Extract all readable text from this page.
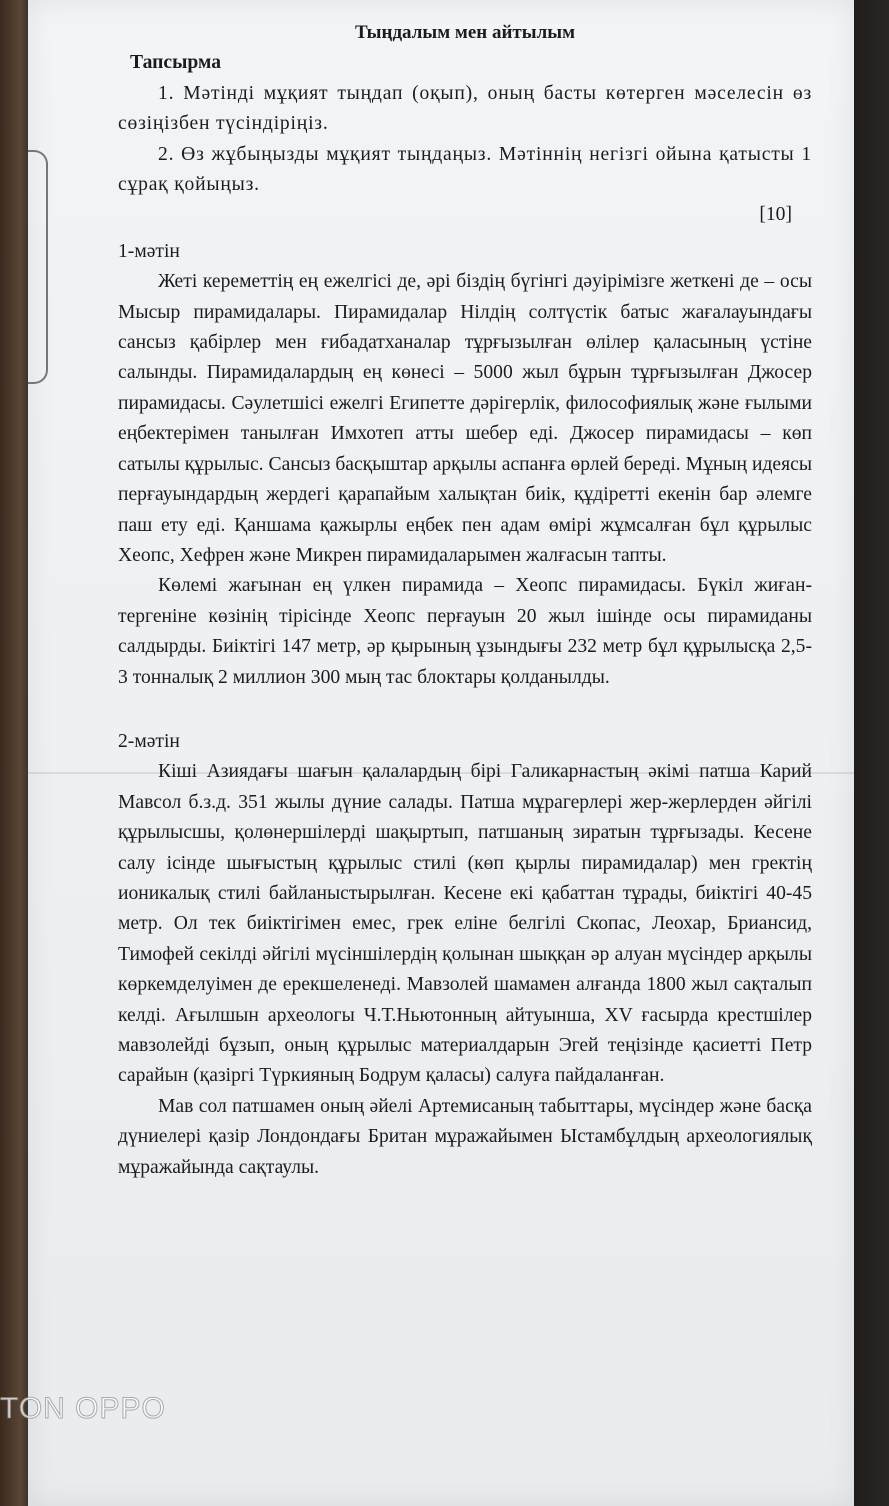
Тыңдалым мен айтылым
Тапсырма

1. Мәтінді мұқият тыңдап (оқып), оның басты көтерген мәселесін өз сөзіңізбен түсіндіріңіз.

2. Өз жұбыңызды мұқият тыңдаңыз. Мәтіннің негізгі ойына қатысты 1 сұрақ қойыңыз.

[10]
1-мәтін

Жеті кереметтің ең ежелгісі де, әрі біздің бүгінгі дәуірімізге жеткені де – осы Мысыр пирамидалары. Пирамидалар Нілдің солтүстік батыс жағалауындағы сансыз қабірлер мен ғибадатханалар тұрғызылған өлілер қаласының үстіне салынды. Пирамидалардың ең көнесі – 5000 жыл бұрын тұрғызылған Джосер пирамидасы. Сәулетшісі ежелгі Египетте дәрігерлік, философиялық және ғылыми еңбектерімен танылған Имхотеп атты шебер еді. Джосер пирамидасы – көп сатылы құрылыс. Сансыз басқыштар арқылы аспанға өрлей береді. Мұның идеясы перғауындардың жердегі қарапайым халықтан биік, құдіретті екенін бар әлемге паш ету еді. Қаншама қажырлы еңбек пен адам өмірі жұмсалған бұл құрылыс Хеопс, Хефрен және Микрен пирамидаларымен жалғасын тапты.

Көлемі жағынан ең үлкен пирамида – Хеопс пирамидасы. Бүкіл жиған-тергеніне көзінің тірісінде Хеопс перғауын 20 жыл ішінде осы пирамиданы салдырды. Биіктігі 147 метр, әр қырының ұзындығы 232 метр бұл құрылысқа 2,5-3 тонналық 2 миллион 300 мың тас блоктары қолданылды.

2-мәтін

Кіші Азиядағы шағын қалалардың бірі Галикарнастың әкімі патша Карий Мавсол б.з.д. 351 жылы дүние салады. Патша мұрагерлері жер-жерлерден әйгілі құрылысшы, қолөнершілерді шақыртып, патшаның зиратын тұрғызады. Кесене салу ісінде шығыстың құрылыс стилі (көп қырлы пирамидалар) мен гректің ионикалық стилі байланыстырылған. Кесене екі қабаттан тұрады, биіктігі 40-45 метр. Ол тек биіктігімен емес, грек еліне белгілі Скопас, Леохар, Бриансид, Тимофей секілді әйгілі мүсіншілердің қолынан шыққан әр алуан мүсіндер арқылы көркемделуімен де ерекшеленеді. Мавзолей шамамен алғанда 1800 жыл сақталып келді. Ағылшын археологы Ч.Т.Ньютонның айтуынша, XV ғасырда крестшілер мавзолейді бұзып, оның құрылыс материалдарын Эгей теңізінде қасиетті Петр сарайын (қазіргі Түркияның Бодрум қаласы) салуға пайдаланған.

Мав сол патшамен оның әйелі Артемисаның табыттары, мүсіндер және басқа дүниелері қазір Лондондағы Британ мұражайымен Ыстамбұлдың археологиялық мұражайында сақтаулы.

TON OPPO
